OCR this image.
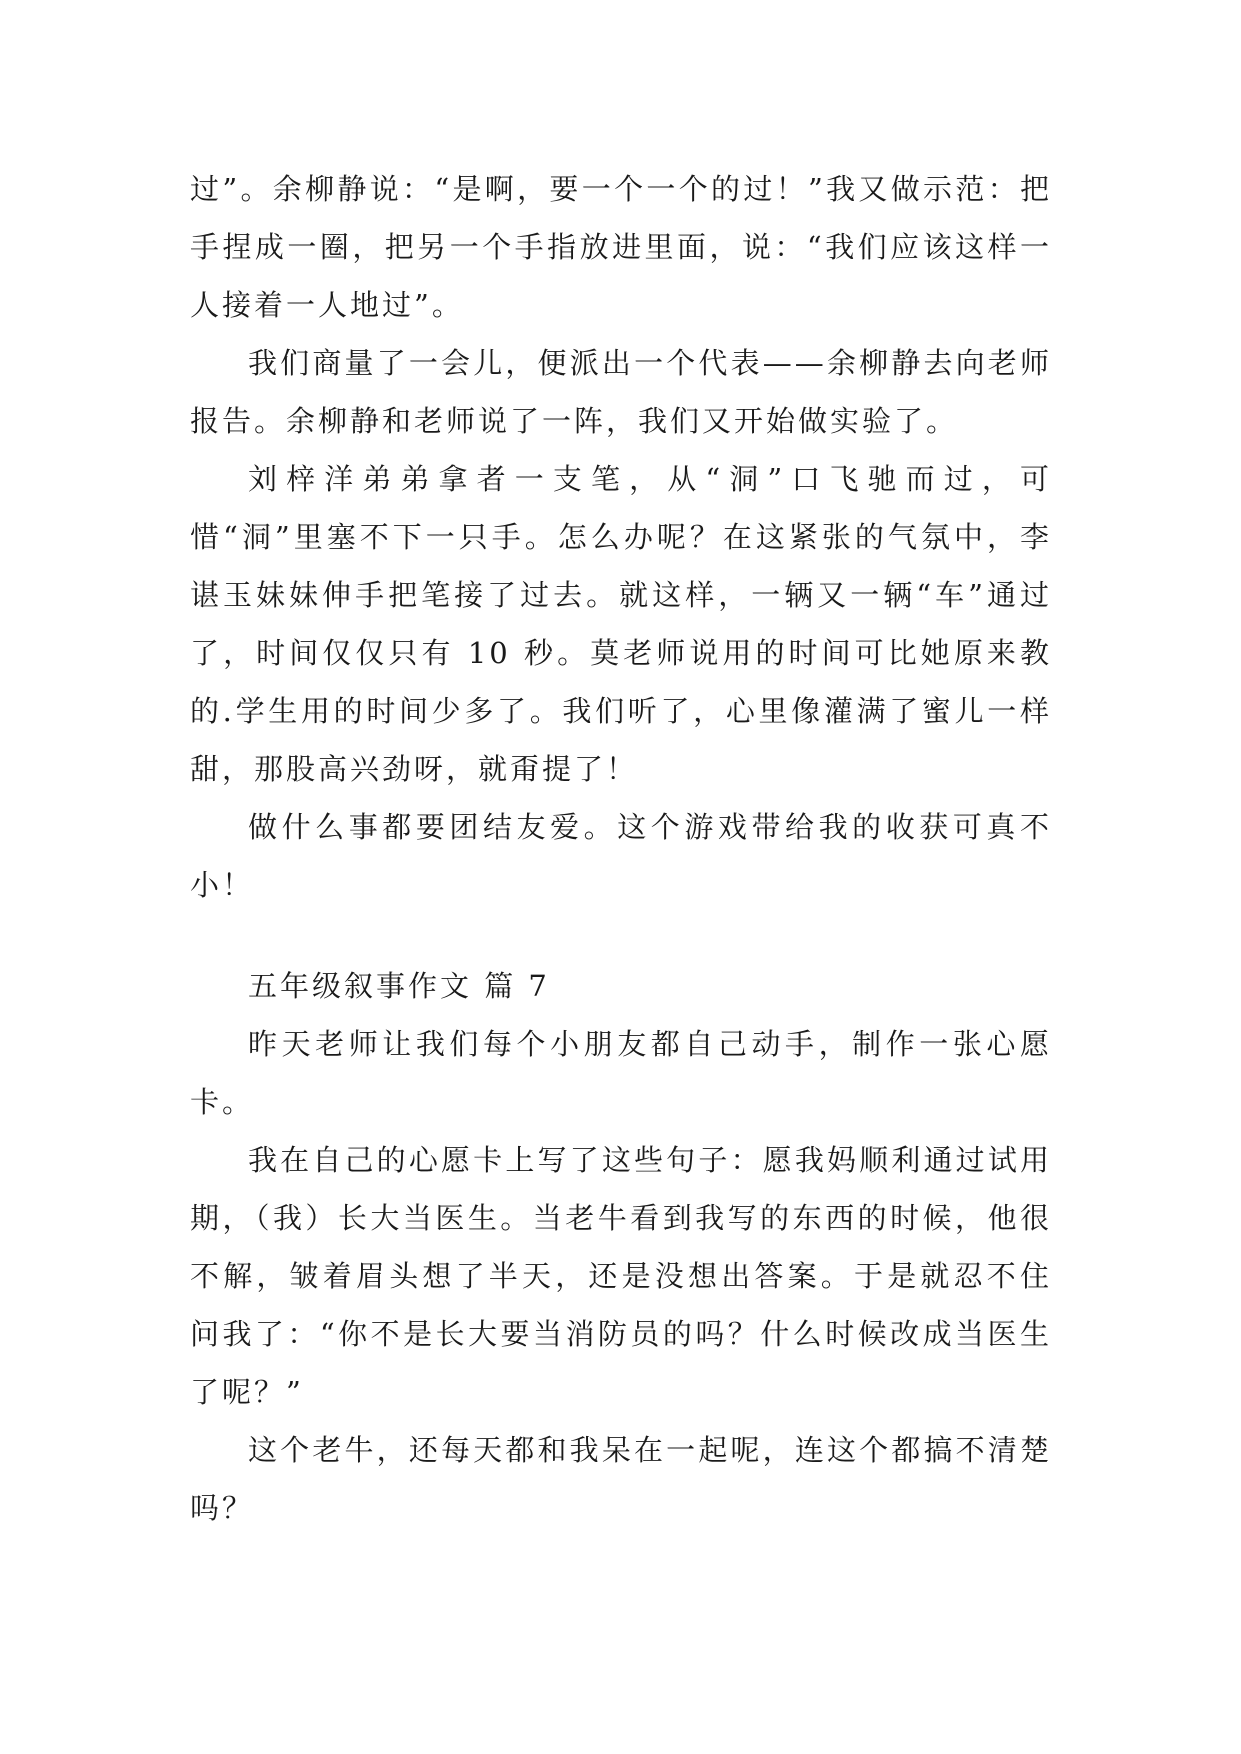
过”。余柳静说：“是啊，要一个一个的过！”我又做示范：把手捏成一圈，把另一个手指放进里面，说：“我们应该这样一人接着一人地过”。

我们商量了一会儿，便派出一个代表——余柳静去向老师报告。余柳静和老师说了一阵，我们又开始做实验了。

刘梓洋弟弟拿者一支笔，从“洞”口飞驰而过，可惜“洞”里塞不下一只手。怎么办呢？在这紧张的气氛中，李谌玉妹妹伸手把笔接了过去。就这样，一辆又一辆“车”通过了，时间仅仅只有 10 秒。莫老师说用的时间可比她原来教的.学生用的时间少多了。我们听了，心里像灌满了蜜儿一样甜，那股高兴劲呀，就甭提了！

做什么事都要团结友爱。这个游戏带给我的收获可真不小！

五年级叙事作文 篇 7

昨天老师让我们每个小朋友都自己动手，制作一张心愿卡。

我在自己的心愿卡上写了这些句子：愿我妈顺利通过试用期，（我）长大当医生。当老牛看到我写的东西的时候，他很不解，皱着眉头想了半天，还是没想出答案。于是就忍不住问我了：“你不是长大要当消防员的吗？什么时候改成当医生了呢？”

这个老牛，还每天都和我呆在一起呢，连这个都搞不清楚吗？
